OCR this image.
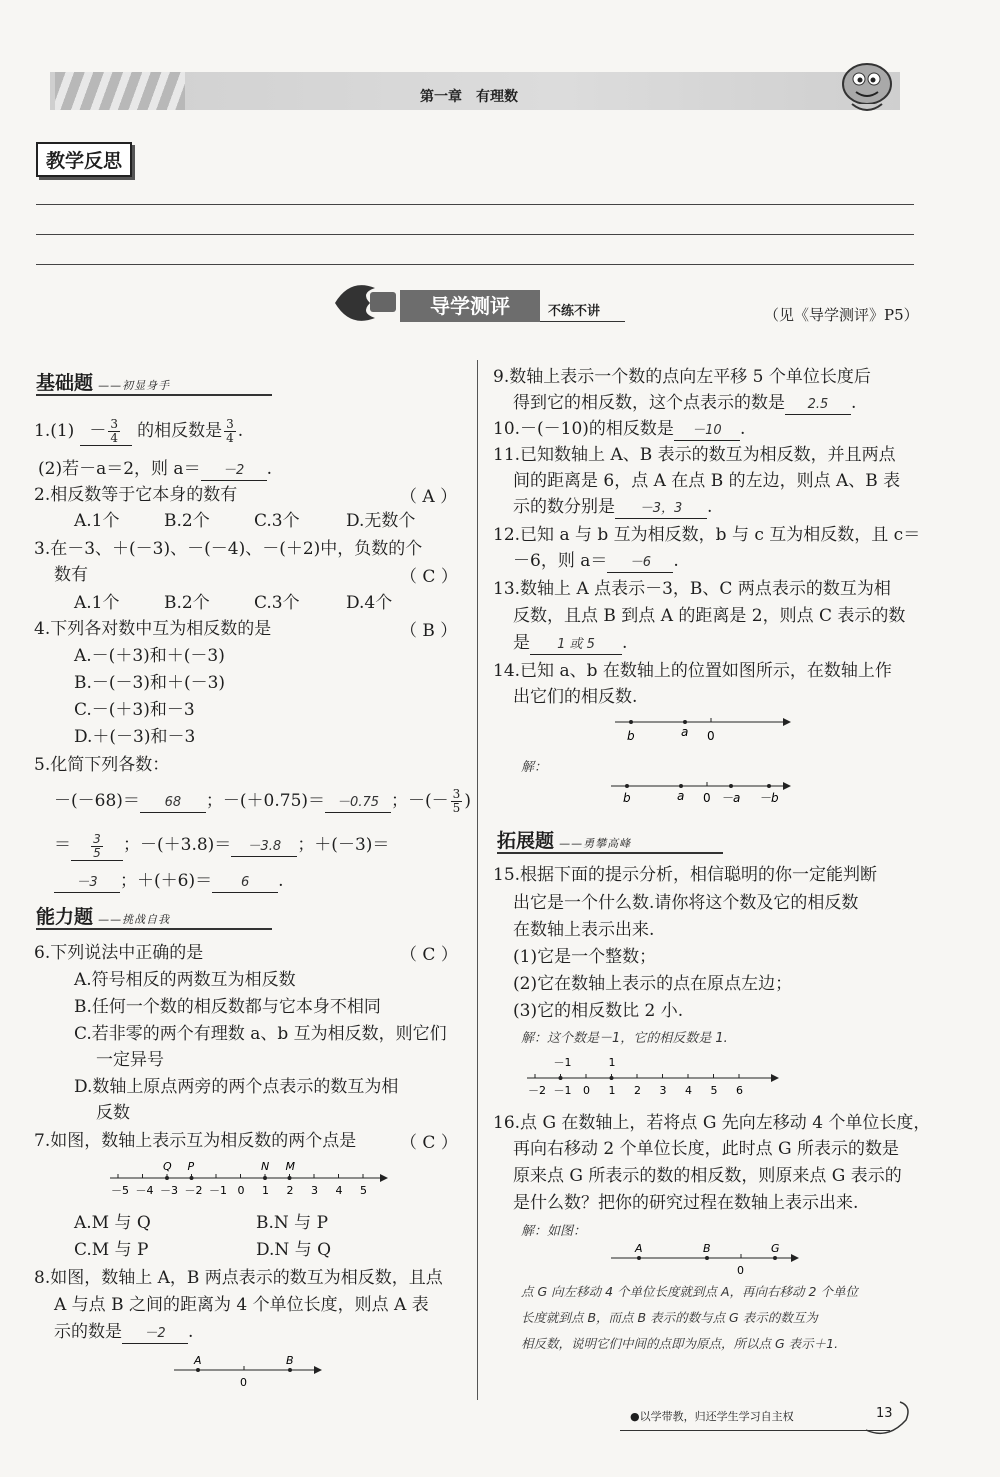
第一章　有理数
教学反思
导学测评	不练不讲	（见《导学测评》P5）
基础题 ——初显身手
$1.(1) - \frac{3}{4}$ 的相反数是 $\frac{3}{4}$ .
(2)若－a＝2，则 a＝ －2 .
2.相反数等于它本身的数有	（ A ）
A.1个	B.2个	C.3个	D.无数个
3.在－3、＋(－3)、－(－4)、－(＋2)中，负数的个
数有	（ C ）
A.1个	B.2个	C.3个	D.4个
4.下列各对数中互为相反数的是	（ B ）
A.－(＋3)和＋(－3)
B.－(－3)和＋(－3)
C.－(＋3)和－3
D.＋(－3)和－3
5.化简下列各数：
－(－68)＝ 68 ；－(＋0.75)＝ －0.75 ；－(－ $\frac{3}{5}$ )
＝ $\frac{3}{5}$ ；－(＋3.8)＝ －3.8 ；＋(－3)＝
－3 ；＋(＋6)＝ 6 .
能力题 ——挑战自我
6.下列说法中正确的是	（ C ）
A.符号相反的两数互为相反数
B.任何一个数的相反数都与它本身不相同
C.若非零的两个有理数 a、b 互为相反数，则它们
一定异号
D.数轴上原点两旁的两个点表示的数互为相
反数
7.如图，数轴上表示互为相反数的两个点是	（ C ）
－5 －4 －3 －2 －1 0 1 2 3 4 5
Q P	N M
A.M 与 Q	B.N 与 P
C.M 与 P	D.N 与 Q
8.如图，数轴上 A，B 两点表示的数互为相反数，且点
A 与点 B 之间的距离为 4 个单位长度，则点 A 表
示的数是 －2 .
A	B
0
9.数轴上表示一个数的点向左平移 5 个单位长度后
得到它的相反数，这个点表示的数是 2.5 .
10.－(－10)的相反数是 －10 .
11.已知数轴上 A、B 表示的数互为相反数，并且两点
间的距离是 6，点 A 在点 B 的左边，则点 A、B 表
示的数分别是 －3，3 .
12.已知 a 与 b 互为相反数，b 与 c 互为相反数，且 c＝
－6，则 a＝ －6 .
13.数轴上 A 点表示－3，B、C 两点表示的数互为相
反数，且点 B 到点 A 的距离是 2，则点 C 表示的数
是 1 或 5 .
14.已知 a、b 在数轴上的位置如图所示，在数轴上作
出它们的相反数.
b	a 0
解：
b	a 0 －a －b
拓展题 ——勇攀高峰
15.根据下面的提示分析，相信聪明的你一定能判断
出它是一个什么数.请你将这个数及它的相反数
在数轴上表示出来.
(1)它是一个整数；
(2)它在数轴上表示的点在原点左边；
(3)它的相反数比 2 小.
解：这个数是－1，它的相反数是 1.
－2 －1 0 1 2 3 4 5 6
－1	1
16.点 G 在数轴上，若将点 G 先向左移动 4 个单位长度，
再向右移动 2 个单位长度，此时点 G 所表示的数是
原来点 G 所表示的数的相反数，则原来点 G 表示的
是什么数？把你的研究过程在数轴上表示出来.
解：如图：
A	B	G
0
点 G 向左移动 4 个单位长度就到点 A，再向右移动 2 个单位
长度就到点 B，而点 B 表示的数与点 G 表示的数互为
相反数，说明它们中间的点即为原点，所以点 G 表示＋1.
●以学带教，归还学生学习自主权	13
